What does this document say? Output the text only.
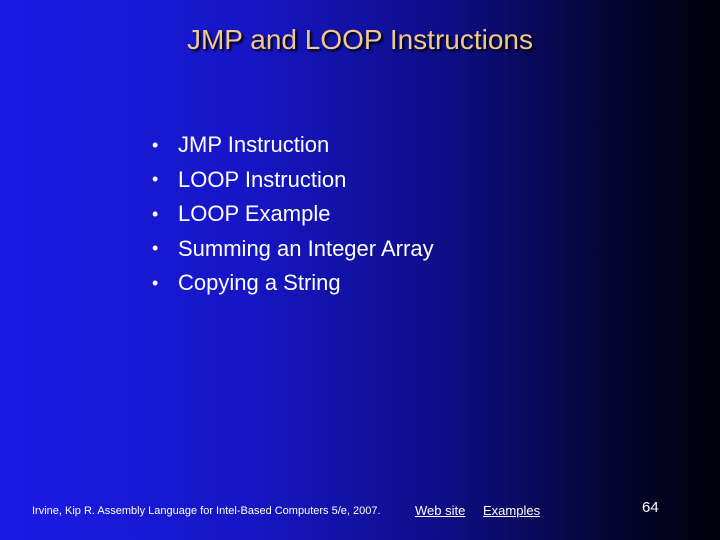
JMP and LOOP Instructions
• JMP Instruction
• LOOP Instruction
• LOOP Example
• Summing an Integer Array
• Copying a String
Irvine, Kip R. Assembly Language for Intel-Based Computers 5/e, 2007.	Web site Examples	64
